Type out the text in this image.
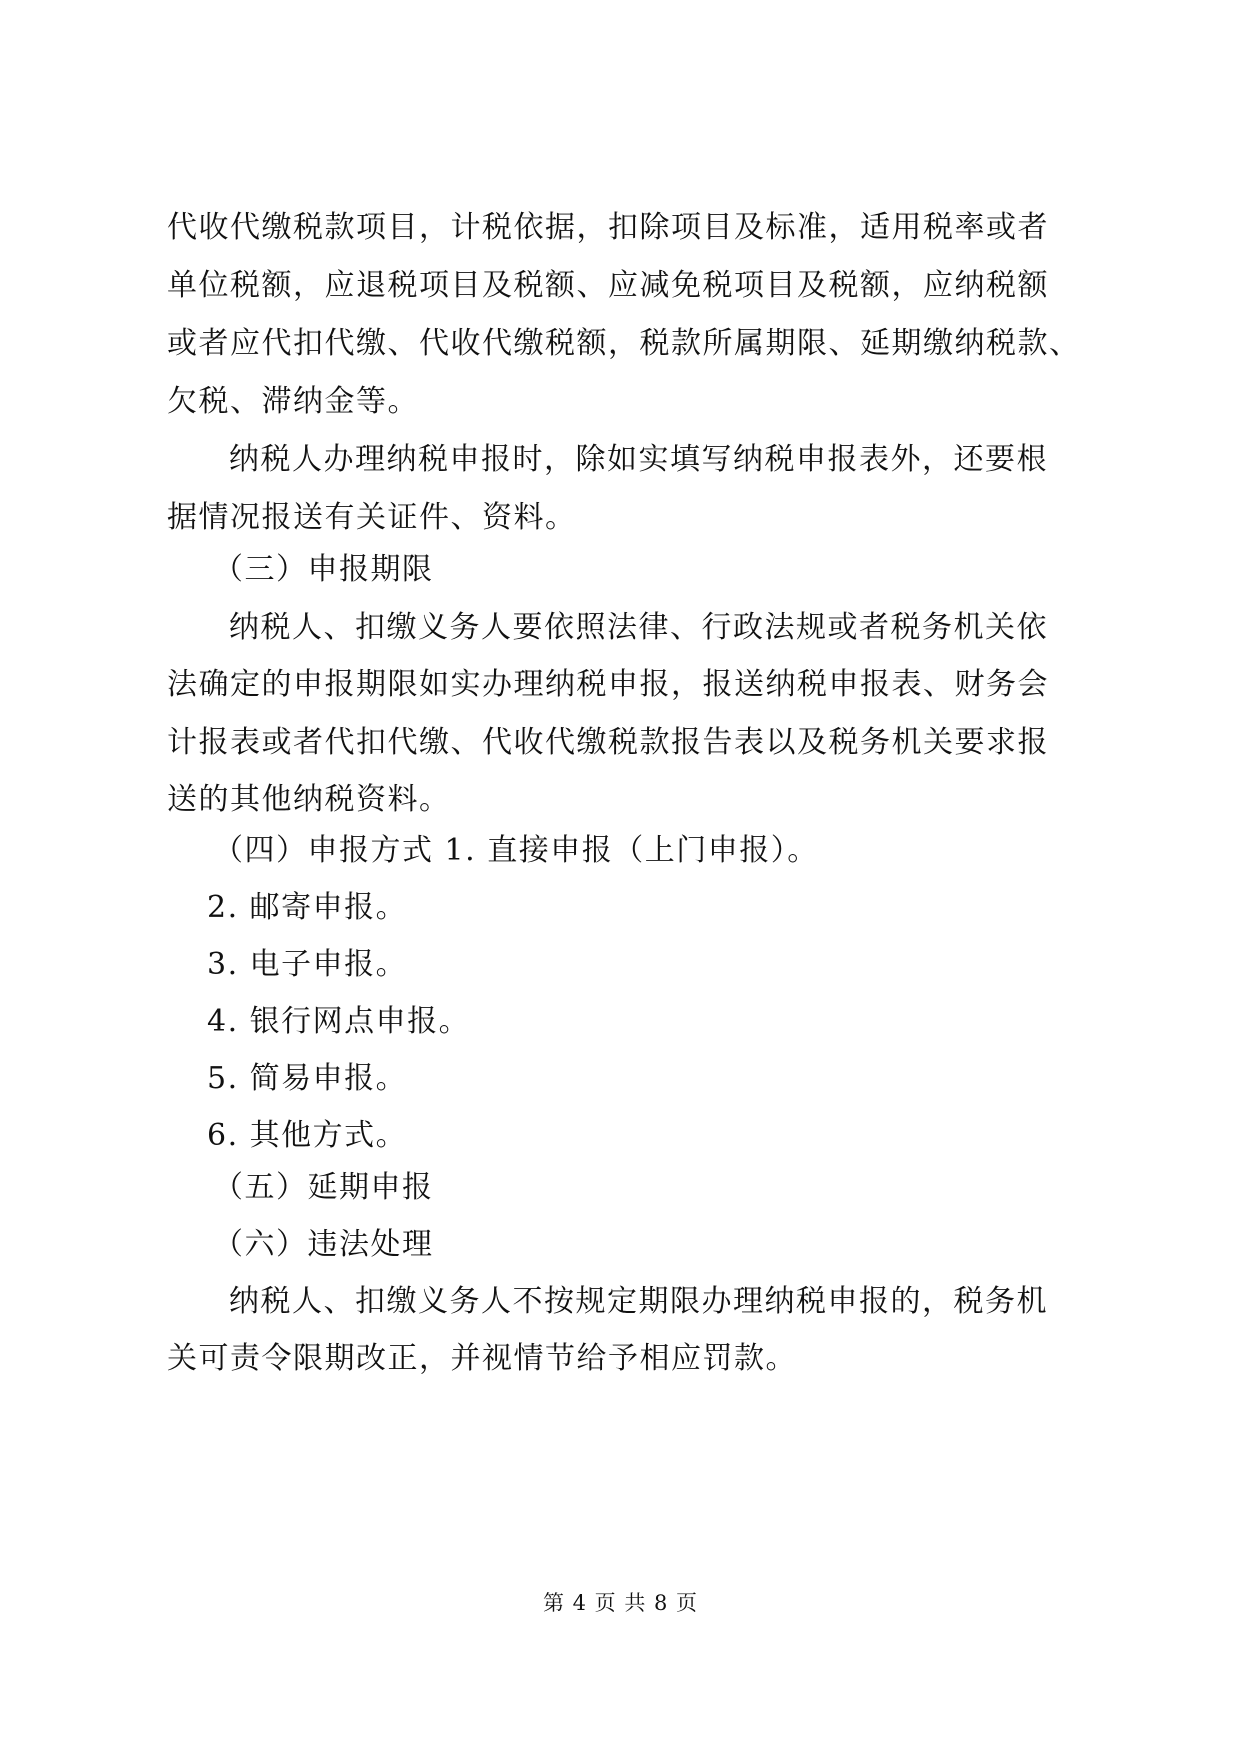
代收代缴税款项目，计税依据，扣除项目及标准，适用税率或者
单位税额，应退税项目及税额、应减免税项目及税额，应纳税额
或者应代扣代缴、代收代缴税额，税款所属期限、延期缴纳税款、
欠税、滞纳金等。
纳税人办理纳税申报时，除如实填写纳税申报表外，还要根
据情况报送有关证件、资料。
（三）申报期限
纳税人、扣缴义务人要依照法律、行政法规或者税务机关依
法确定的申报期限如实办理纳税申报，报送纳税申报表、财务会
计报表或者代扣代缴、代收代缴税款报告表以及税务机关要求报
送的其他纳税资料。
（四）申报方式 1. 直接申报（上门申报）。
2. 邮寄申报。
3. 电子申报。
4. 银行网点申报。
5. 简易申报。
6. 其他方式。
（五）延期申报
（六）违法处理
纳税人、扣缴义务人不按规定期限办理纳税申报的，税务机
关可责令限期改正，并视情节给予相应罚款。
第 4 页 共 8 页
